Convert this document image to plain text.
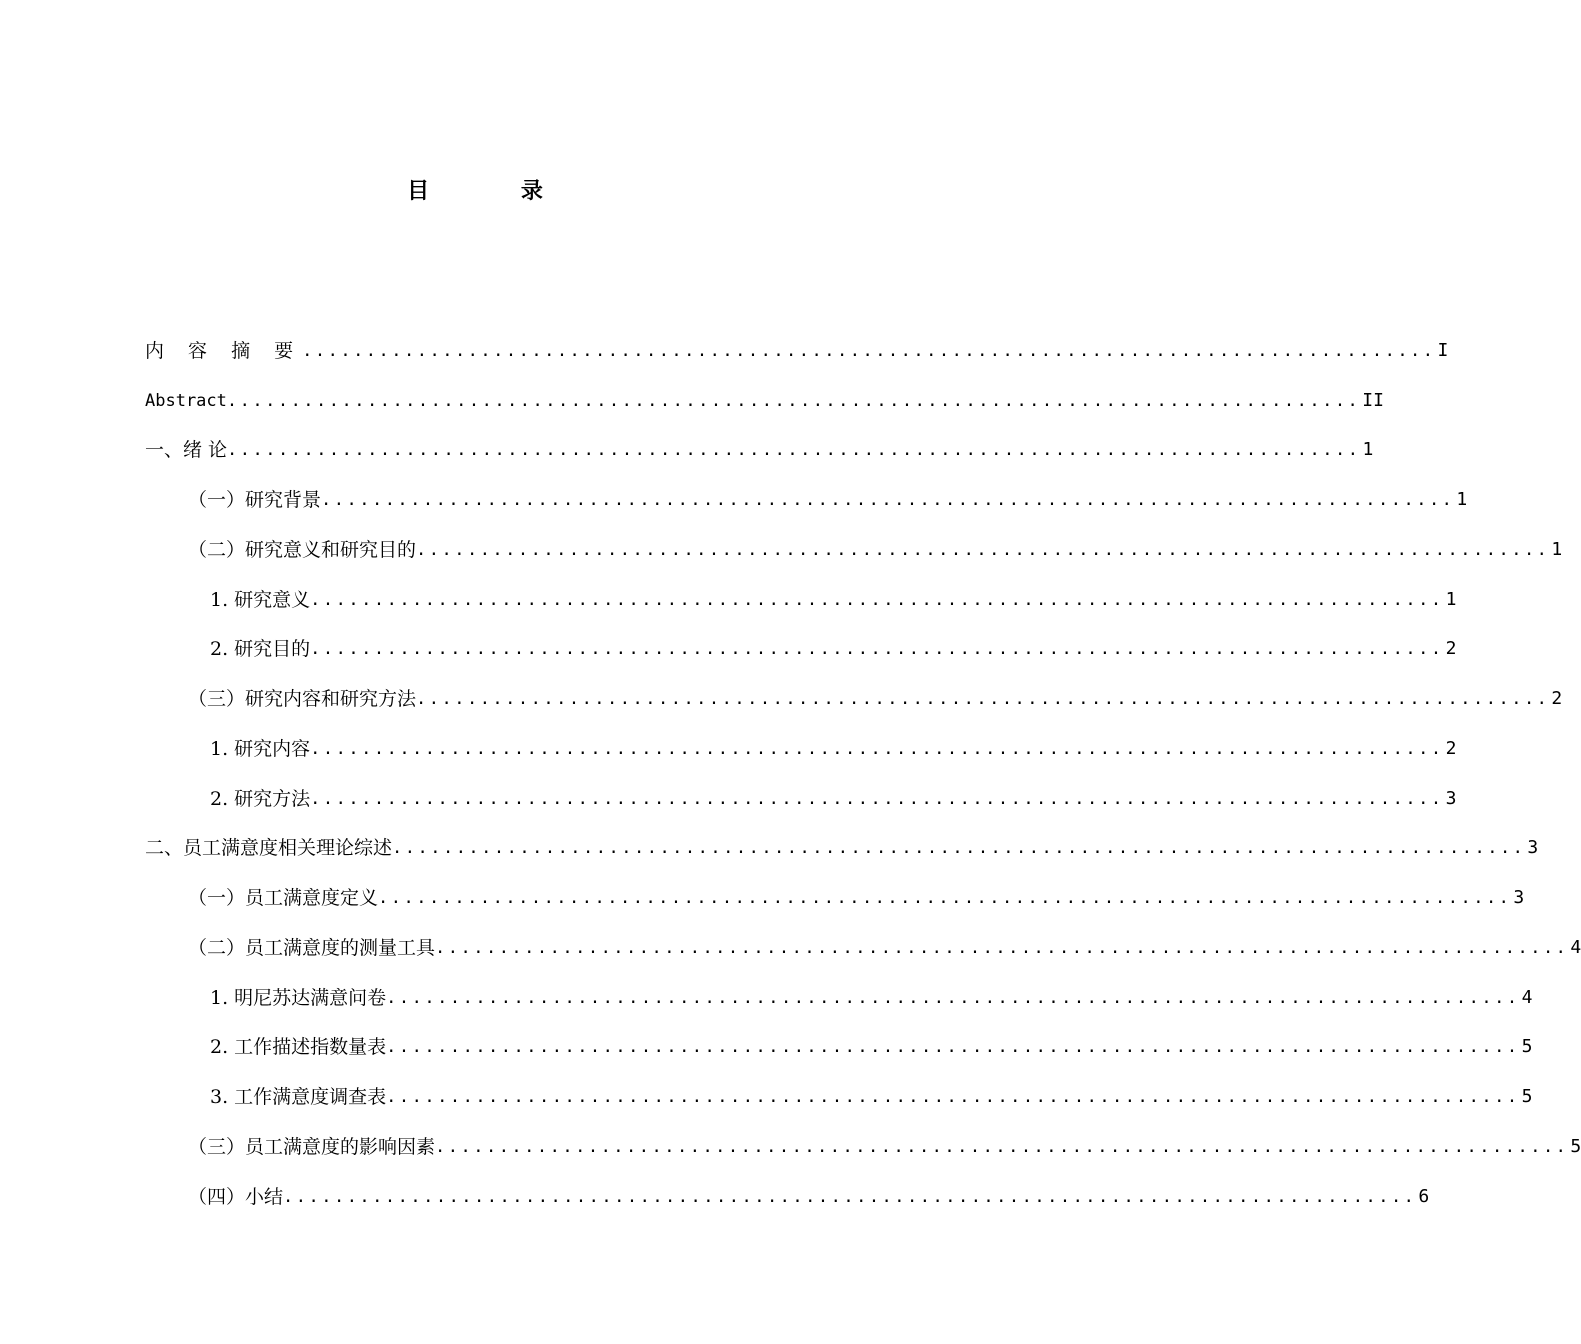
目 录
内 容 摘 要 ......................................................................................... I
Abstract ......................................................................................... II
一、绪 论 ......................................................................................... 1
（一）研究背景 ......................................................................................... 1
（二）研究意义和研究目的 ......................................................................................... 1
1. 研究意义 ......................................................................................... 1
2. 研究目的 ......................................................................................... 2
（三）研究内容和研究方法 ......................................................................................... 2
1. 研究内容 ......................................................................................... 2
2. 研究方法 ......................................................................................... 3
二、员工满意度相关理论综述 ......................................................................................... 3
（一）员工满意度定义 ......................................................................................... 3
（二）员工满意度的测量工具 ......................................................................................... 4
1. 明尼苏达满意问卷 ......................................................................................... 4
2. 工作描述指数量表 ......................................................................................... 5
3. 工作满意度调查表 ......................................................................................... 5
（三）员工满意度的影响因素 ......................................................................................... 5
（四）小结 ......................................................................................... 6
